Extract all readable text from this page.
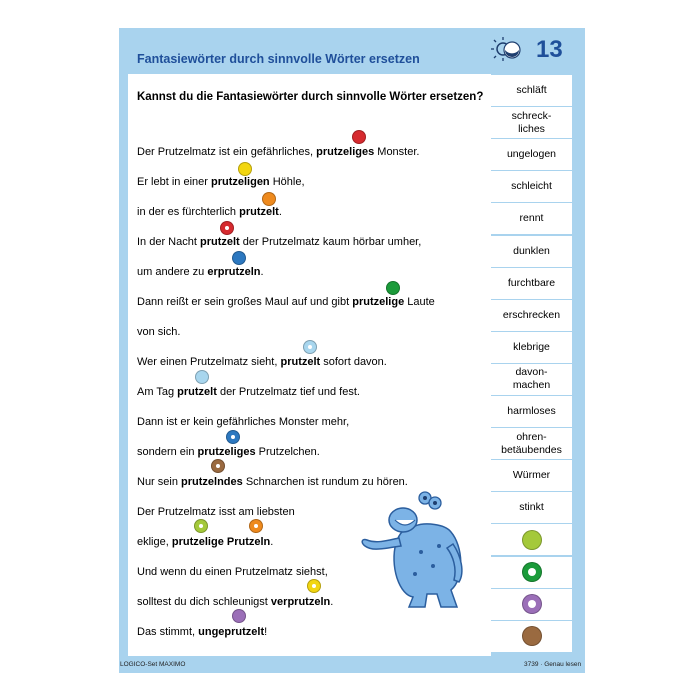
Fantasiewörter durch sinnvolle Wörter ersetzen	13
Kannst du die Fantasiewörter durch sinnvolle Wörter ersetzen?
Der Prutzelmatz ist ein gefährliches, prutzeliges Monster.
Er lebt in einer prutzeligen Höhle,
in der es fürchterlich prutzelt.
In der Nacht prutzelt der Prutzelmatz kaum hörbar umher,
um andere zu erprutzeln.
Dann reißt er sein großes Maul auf und gibt prutzelige Laute
von sich.
Wer einen Prutzelmatz sieht, prutzelt sofort davon.
Am Tag prutzelt der Prutzelmatz tief und fest.
Dann ist er kein gefährliches Monster mehr,
sondern ein prutzeliges Prutzelchen.
Nur sein prutzelndes Schnarchen ist rundum zu hören.
Der Prutzelmatz isst am liebsten
eklige, prutzelige Prutzeln.
Und wenn du einen Prutzelmatz siehst,
solltest du dich schleunigst verprutzeln.
Das stimmt, ungeprutzelt!
schläft
schreck-
liches
ungelogen
schleicht
rennt
dunklen
furchtbare
erschrecken
klebrige
davon-
machen
harmloses
ohren-
betäubendes
Würmer
stinkt
LOGICO-Set MAXIMO	3739 · Genau lesen
